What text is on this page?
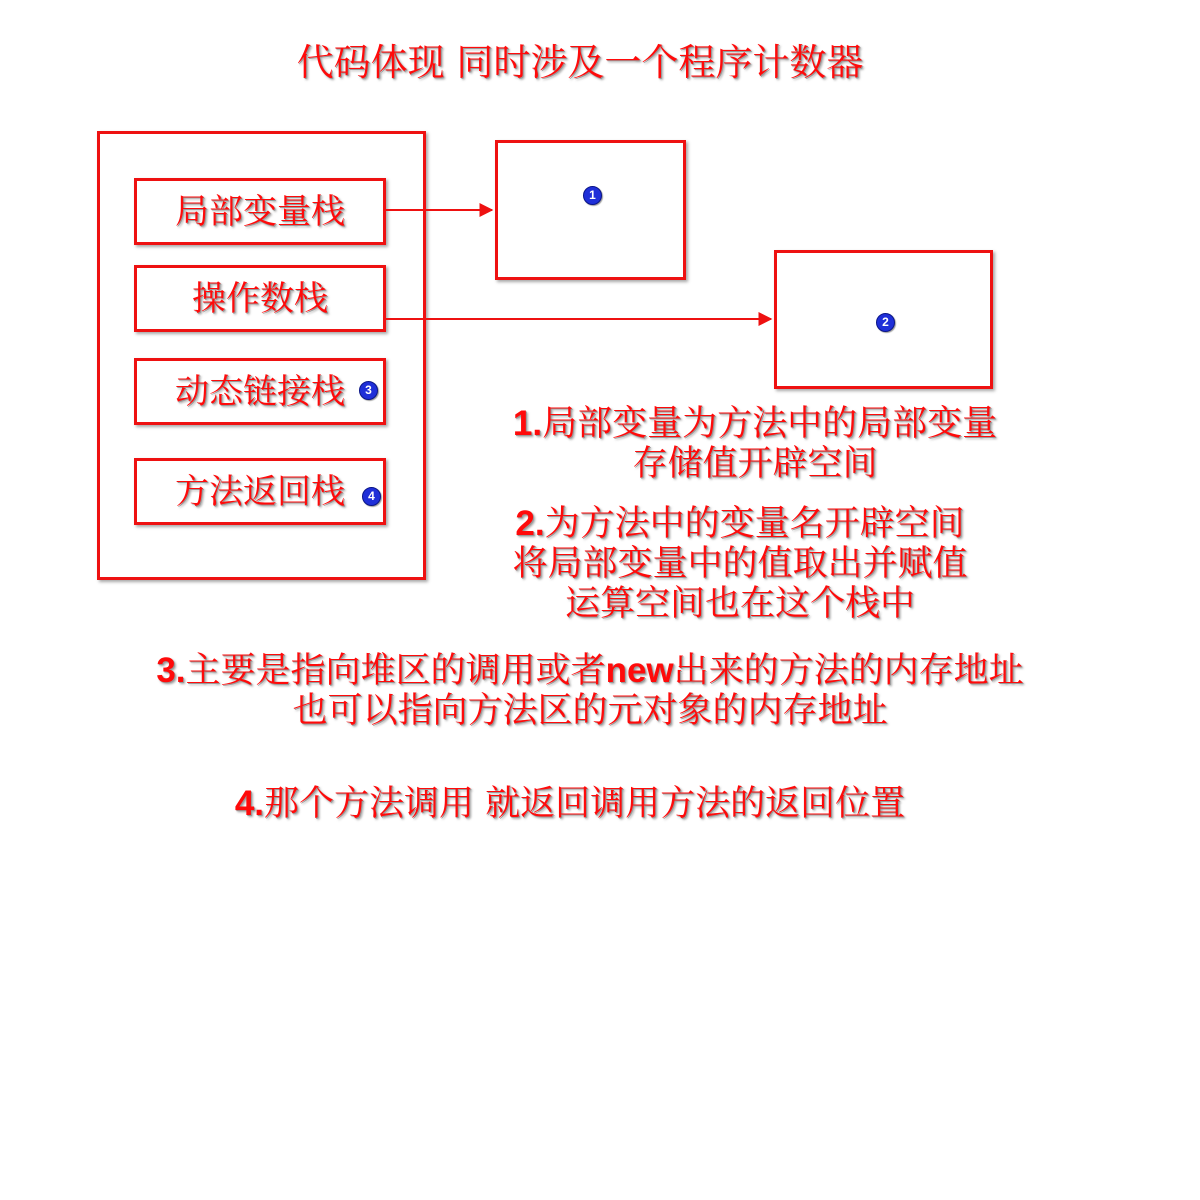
代码体现 同时涉及一个程序计数器
局部变量栈
操作数栈
动态链接栈	3
方法返回栈	4
1
2
1.局部变量为方法中的局部变量
存储值开辟空间
2.为方法中的变量名开辟空间
将局部变量中的值取出并赋值
运算空间也在这个栈中
3.主要是指向堆区的调用或者new出来的方法的内存地址
也可以指向方法区的元对象的内存地址
4.那个方法调用 就返回调用方法的返回位置
